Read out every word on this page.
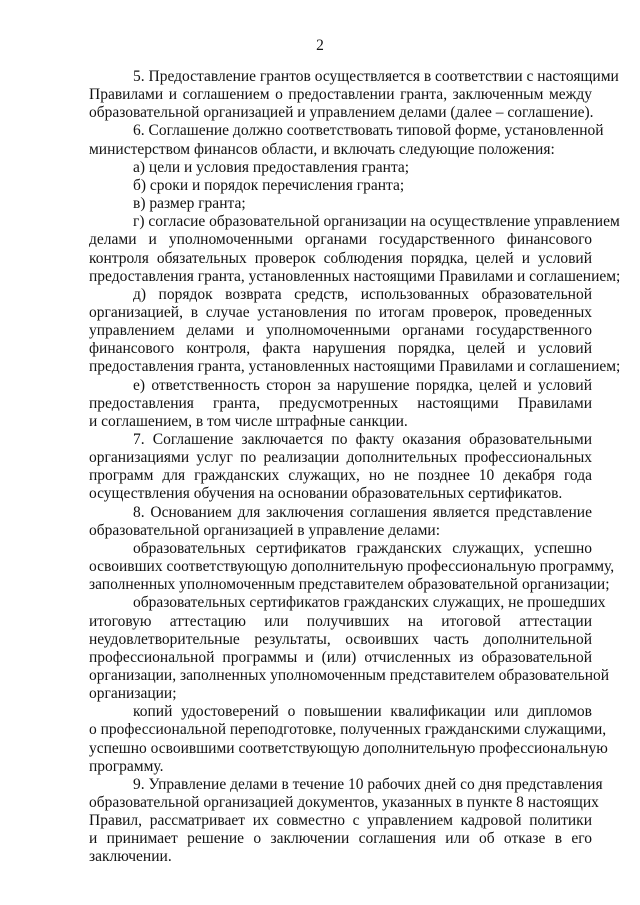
2
5. Предоставление грантов осуществляется в соответствии с настоящими
Правилами и соглашением о предоставлении гранта, заключенным между
образовательной организацией и управлением делами (далее – соглашение).
6. Соглашение должно соответствовать типовой форме, установленной
министерством финансов области, и включать следующие положения:
а) цели и условия предоставления гранта;
б) сроки и порядок перечисления гранта;
в) размер гранта;
г) согласие образовательной организации на осуществление управлением
делами и уполномоченными органами государственного финансового
контроля обязательных проверок соблюдения порядка, целей и условий
предоставления гранта, установленных настоящими Правилами и соглашением;
д) порядок возврата средств, использованных образовательной
организацией, в случае установления по итогам проверок, проведенных
управлением делами и уполномоченными органами государственного
финансового контроля, факта нарушения порядка, целей и условий
предоставления гранта, установленных настоящими Правилами и соглашением;
е) ответственность сторон за нарушение порядка, целей и условий
предоставления гранта, предусмотренных настоящими Правилами
и соглашением, в том числе штрафные санкции.
7. Соглашение заключается по факту оказания образовательными
организациями услуг по реализации дополнительных профессиональных
программ для гражданских служащих, но не позднее 10 декабря года
осуществления обучения на основании образовательных сертификатов.
8. Основанием для заключения соглашения является представление
образовательной организацией в управление делами:
образовательных сертификатов гражданских служащих, успешно
освоивших соответствующую дополнительную профессиональную программу,
заполненных уполномоченным представителем образовательной организации;
образовательных сертификатов гражданских служащих, не прошедших
итоговую аттестацию или получивших на итоговой аттестации
неудовлетворительные результаты, освоивших часть дополнительной
профессиональной программы и (или) отчисленных из образовательной
организации, заполненных уполномоченным представителем образовательной
организации;
копий удостоверений о повышении квалификации или дипломов
о профессиональной переподготовке, полученных гражданскими служащими,
успешно освоившими соответствующую дополнительную профессиональную
программу.
9. Управление делами в течение 10 рабочих дней со дня представления
образовательной организацией документов, указанных в пункте 8 настоящих
Правил, рассматривает их совместно с управлением кадровой политики
и принимает решение о заключении соглашения или об отказе в его
заключении.
